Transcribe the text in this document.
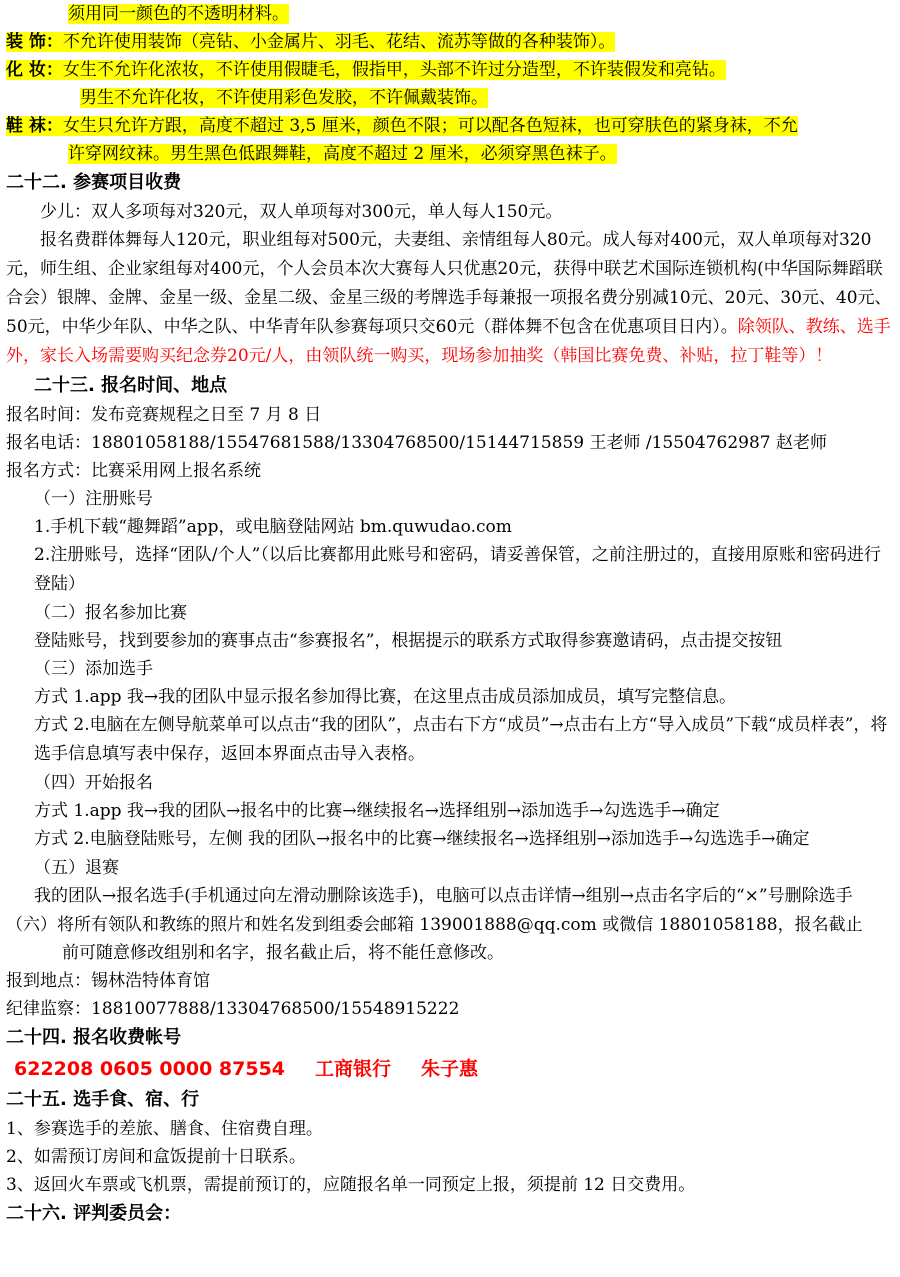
须用同一颜色的不透明材料。
装 饰：不允许使用装饰（亮钻、小金属片、羽毛、花结、流苏等做的各种装饰）。
化 妆：女生不允许化浓妆，不许使用假睫毛，假指甲，头部不许过分造型，不许装假发和亮钻。
男生不允许化妆，不许使用彩色发胶，不许佩戴装饰。
鞋 袜：女生只允许方跟，高度不超过 3,5 厘米，颜色不限；可以配各色短袜，也可穿肤色的紧身袜，不允
许穿网纹袜。男生黑色低跟舞鞋，高度不超过 2 厘米，必须穿黑色袜子。
二十二. 参赛项目收费
少儿：双人多项每对320元，双人单项每对300元，单人每人150元。
报名费群体舞每人120元，职业组每对500元，夫妻组、亲情组每人80元。成人每对400元，双人单项每对320元，师生组、企业家组每对400元，个人会员本次大赛每人只优惠20元，获得中联艺术国际连锁机构(中华国际舞蹈联合会）银牌、金牌、金星一级、金星二级、金星三级的考牌选手每兼报一项报名费分别减10元、20元、30元、40元、50元，中华少年队、中华之队、中华青年队参赛每项只交60元（群体舞不包含在优惠项目日内）。除领队、教练、选手外，家长入场需要购买纪念券20元/人，由领队统一购买，现场参加抽奖（韩国比赛免费、补贴，拉丁鞋等）！
二十三. 报名时间、地点
报名时间：发布竞赛规程之日至 7 月 8 日
报名电话：18801058188/15547681588/13304768500/15144715859 王老师 /15504762987 赵老师
报名方式：比赛采用网上报名系统
（一）注册账号
1.手机下载“趣舞蹈”app，或电脑登陆网站 bm.quwudao.com
2.注册账号，选择“团队/个人”（以后比赛都用此账号和密码，请妥善保管，之前注册过的，直接用原账和密码进行登陆）
（二）报名参加比赛
登陆账号，找到要参加的赛事点击“参赛报名”，根据提示的联系方式取得参赛邀请码，点击提交按钮
（三）添加选手
方式 1.app 我→我的团队中显示报名参加得比赛，在这里点击成员添加成员，填写完整信息。
方式 2.电脑在左侧导航菜单可以点击“我的团队”，点击右下方“成员”→点击右上方“导入成员”下载“成员样表”，将选手信息填写表中保存，返回本界面点击导入表格。
（四）开始报名
方式 1.app 我→我的团队→报名中的比赛→继续报名→选择组别→添加选手→勾选选手→确定
方式 2.电脑登陆账号，左侧 我的团队→报名中的比赛→继续报名→选择组别→添加选手→勾选选手→确定
（五）退赛
我的团队→报名选手(手机通过向左滑动删除该选手)，电脑可以点击详情→组别→点击名字后的“×”号删除选手
（六）将所有领队和教练的照片和姓名发到组委会邮箱 139001888@qq.com 或微信 18801058188，报名截止
前可随意修改组别和名字，报名截止后，将不能任意修改。
报到地点：锡林浩特体育馆
纪律监察：18810077888/13304768500/15548915222
二十四. 报名收费帐号
622208 0605 0000 87554 工商银行 朱子惠
二十五. 选手食、宿、行
1、参赛选手的差旅、膳食、住宿费自理。
2、如需预订房间和盒饭提前十日联系。
3、返回火车票或飞机票，需提前预订的，应随报名单一同预定上报，须提前 12 日交费用。
二十六. 评判委员会：
